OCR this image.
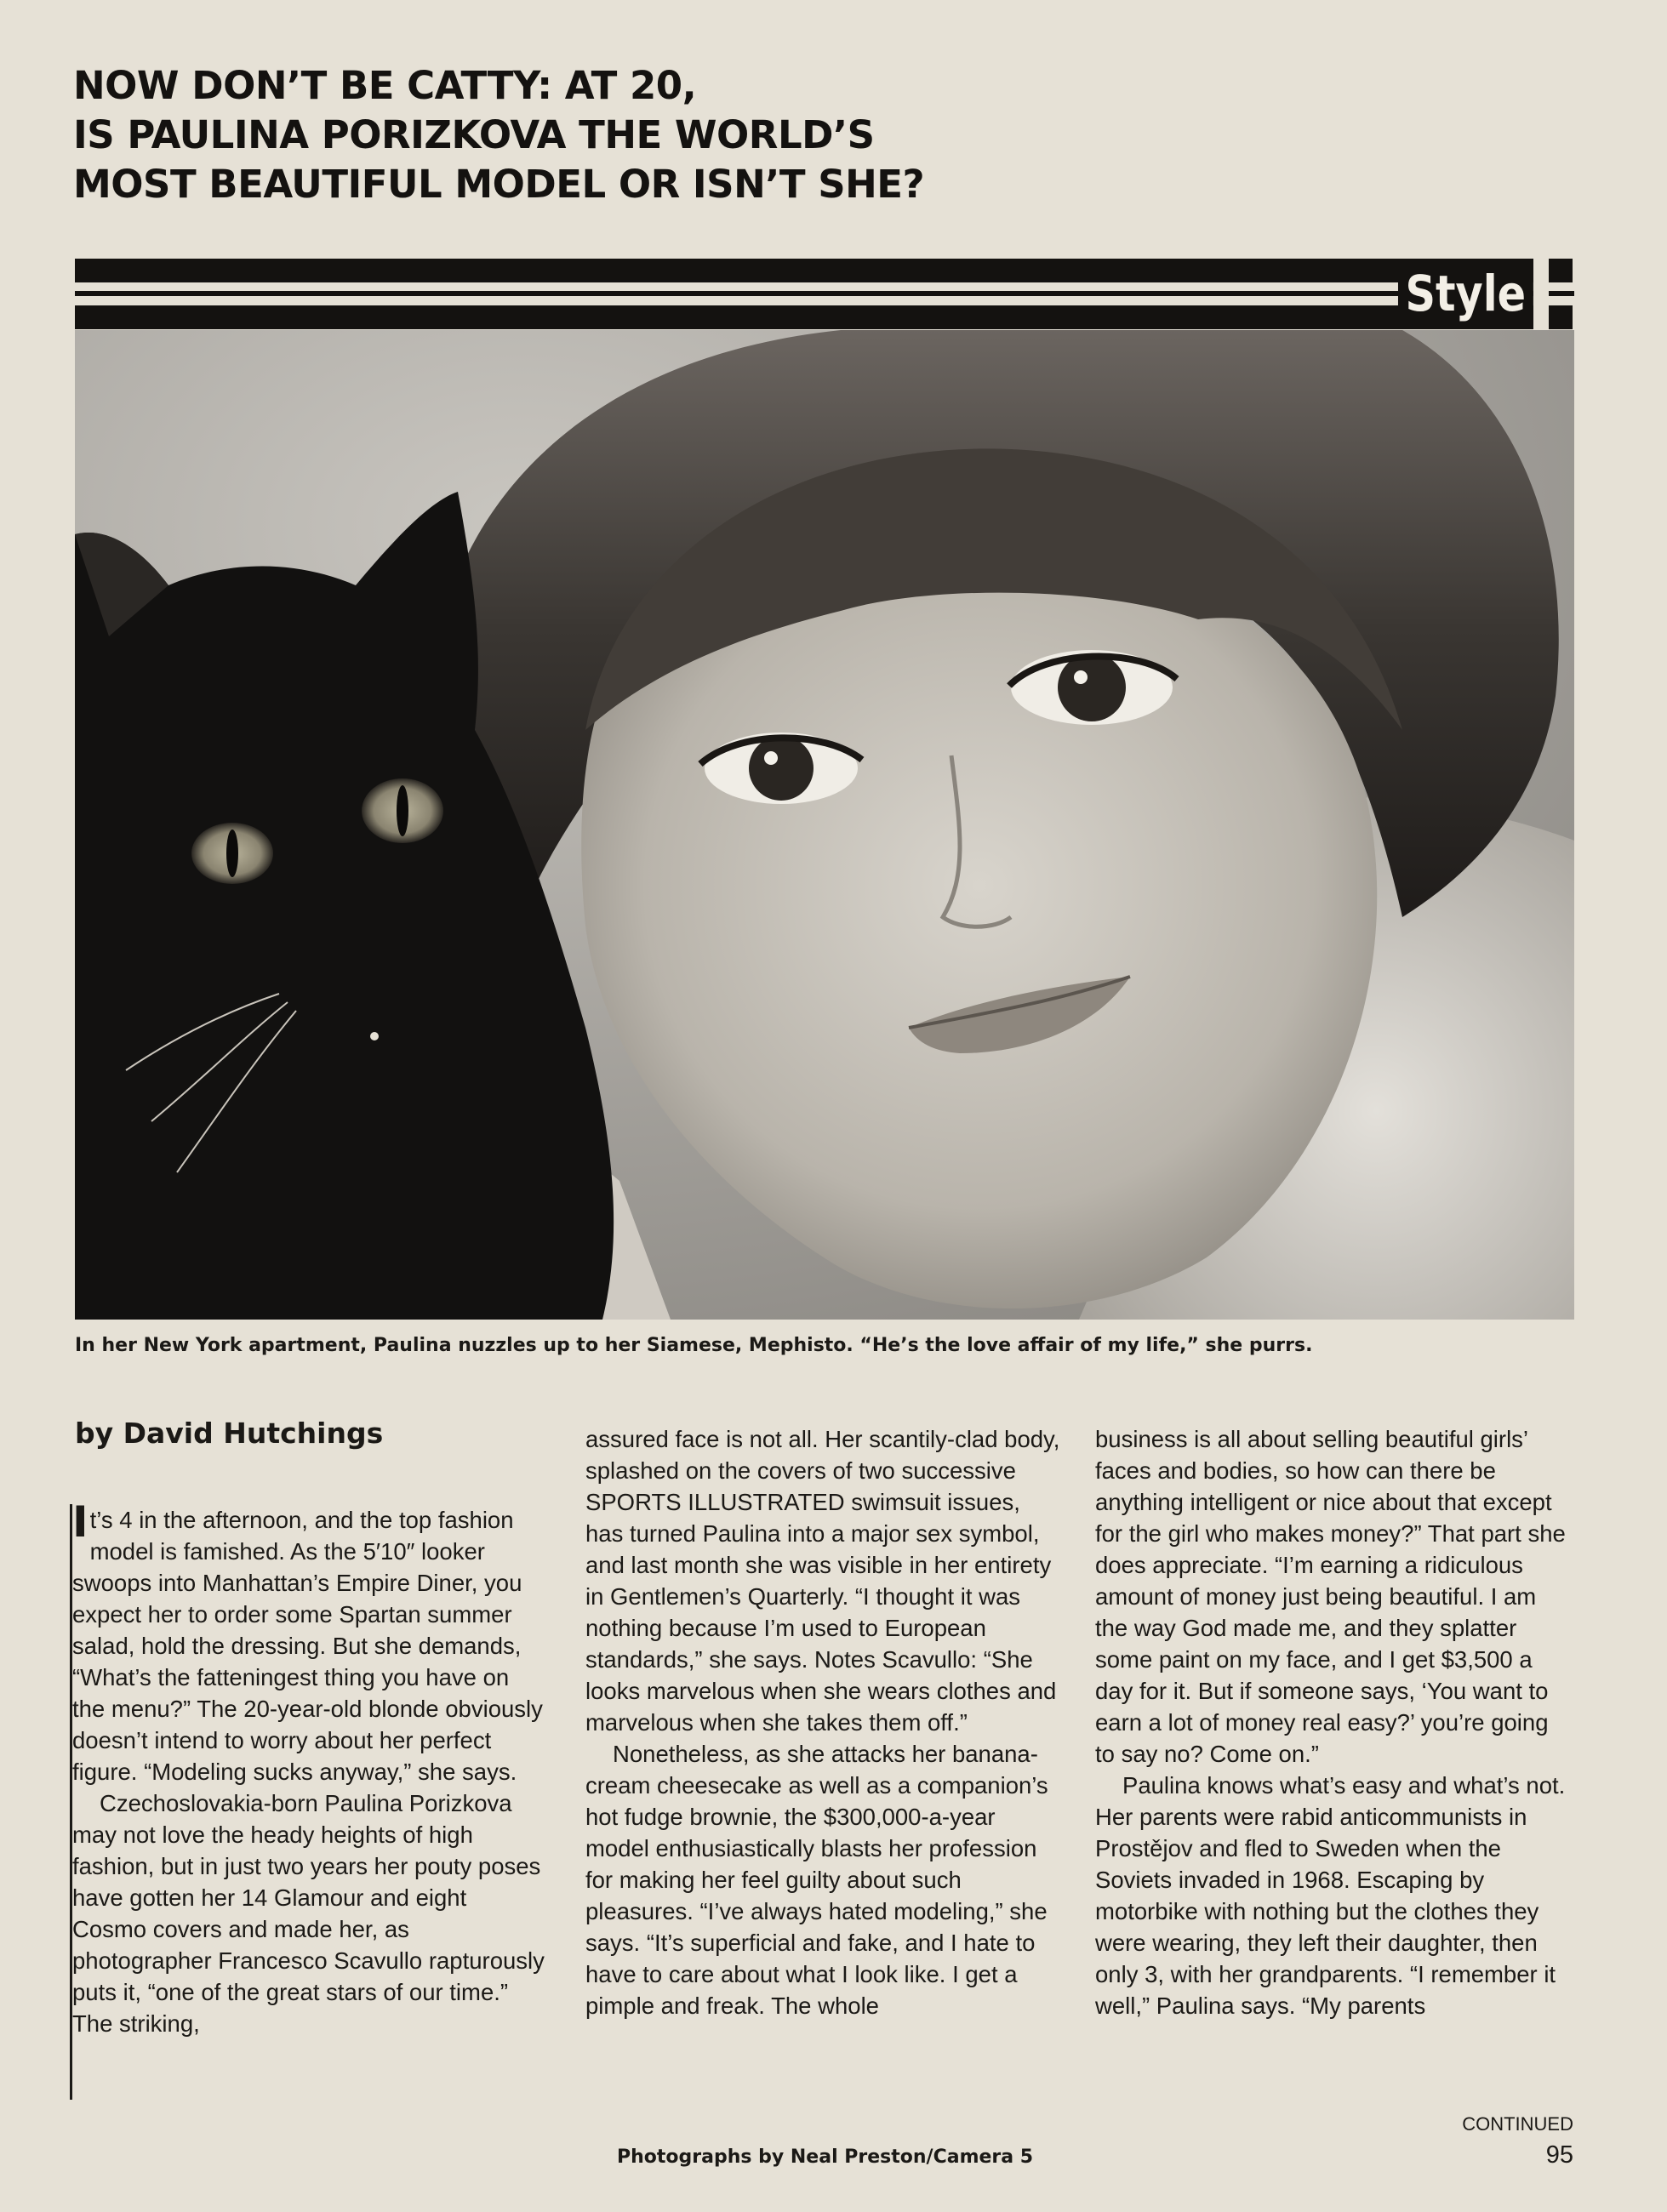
NOW DON’T BE CATTY: AT 20,
IS PAULINA PORIZKOVA THE WORLD’S
MOST BEAUTIFUL MODEL OR ISN’T SHE?
Style
In her New York apartment, Paulina nuzzles up to her Siamese, Mephisto. “He’s the love affair of my life,” she purrs.
by David Hutchings

It’s 4 in the afternoon, and the top fashion model is famished. As the 5′10″ looker swoops into Manhattan’s Empire Diner, you expect her to order some Spartan summer salad, hold the dressing. But she demands, “What’s the fatteningest thing you have on the menu?” The 20-year-old blonde obviously doesn’t intend to worry about her perfect figure. “Modeling sucks anyway,” she says.

Czechoslovakia-born Paulina Porizkova may not love the heady heights of high fashion, but in just two years her pouty poses have gotten her 14 Glamour and eight Cosmo covers and made her, as photographer Francesco Scavullo rapturously puts it, “one of the great stars of our time.” The striking,

assured face is not all. Her scantily-clad body, splashed on the covers of two successive SPORTS ILLUSTRATED swimsuit issues, has turned Paulina into a major sex symbol, and last month she was visible in her entirety in Gentlemen’s Quarterly. “I thought it was nothing because I’m used to European standards,” she says. Notes Scavullo: “She looks marvelous when she wears clothes and marvelous when she takes them off.”

Nonetheless, as she attacks her banana-cream cheesecake as well as a companion’s hot fudge brownie, the $300,000-a-year model enthusiastically blasts her profession for making her feel guilty about such pleasures. “I’ve always hated modeling,” she says. “It’s superficial and fake, and I hate to have to care about what I look like. I get a pimple and freak. The whole

business is all about selling beautiful girls’ faces and bodies, so how can there be anything intelligent or nice about that except for the girl who makes money?” That part she does appreciate. “I’m earning a ridiculous amount of money just being beautiful. I am the way God made me, and they splatter some paint on my face, and I get $3,500 a day for it. But if someone says, ‘You want to earn a lot of money real easy?’ you’re going to say no? Come on.”

Paulina knows what’s easy and what’s not. Her parents were rabid anticommunists in Prostějov and fled to Sweden when the Soviets invaded in 1968. Escaping by motorbike with nothing but the clothes they were wearing, they left their daughter, then only 3, with her grandparents. “I remember it well,” Paulina says. “My parents

CONTINUED
Photographs by Neal Preston/Camera 5	95
